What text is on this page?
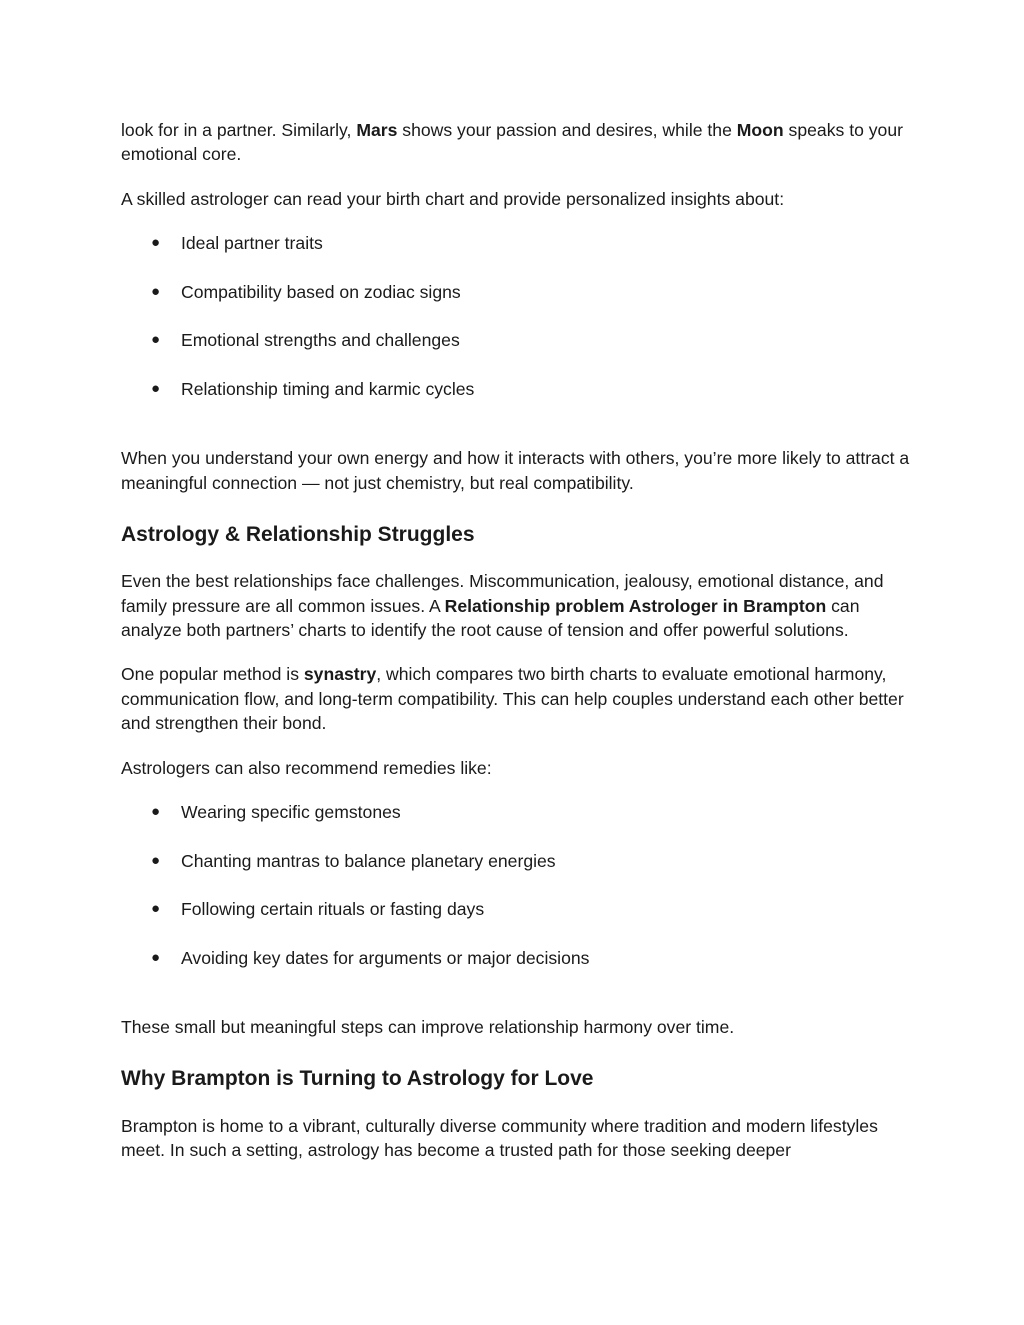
look for in a partner. Similarly, Mars shows your passion and desires, while the Moon speaks to your emotional core.

A skilled astrologer can read your birth chart and provide personalized insights about:

● Ideal partner traits
● Compatibility based on zodiac signs
● Emotional strengths and challenges
● Relationship timing and karmic cycles

When you understand your own energy and how it interacts with others, you’re more likely to attract a meaningful connection — not just chemistry, but real compatibility.

Astrology & Relationship Struggles

Even the best relationships face challenges. Miscommunication, jealousy, emotional distance, and family pressure are all common issues. A Relationship problem Astrologer in Brampton can analyze both partners’ charts to identify the root cause of tension and offer powerful solutions.

One popular method is synastry, which compares two birth charts to evaluate emotional harmony, communication flow, and long-term compatibility. This can help couples understand each other better and strengthen their bond.

Astrologers can also recommend remedies like:

● Wearing specific gemstones
● Chanting mantras to balance planetary energies
● Following certain rituals or fasting days
● Avoiding key dates for arguments or major decisions

These small but meaningful steps can improve relationship harmony over time.

Why Brampton is Turning to Astrology for Love

Brampton is home to a vibrant, culturally diverse community where tradition and modern lifestyles meet. In such a setting, astrology has become a trusted path for those seeking deeper
